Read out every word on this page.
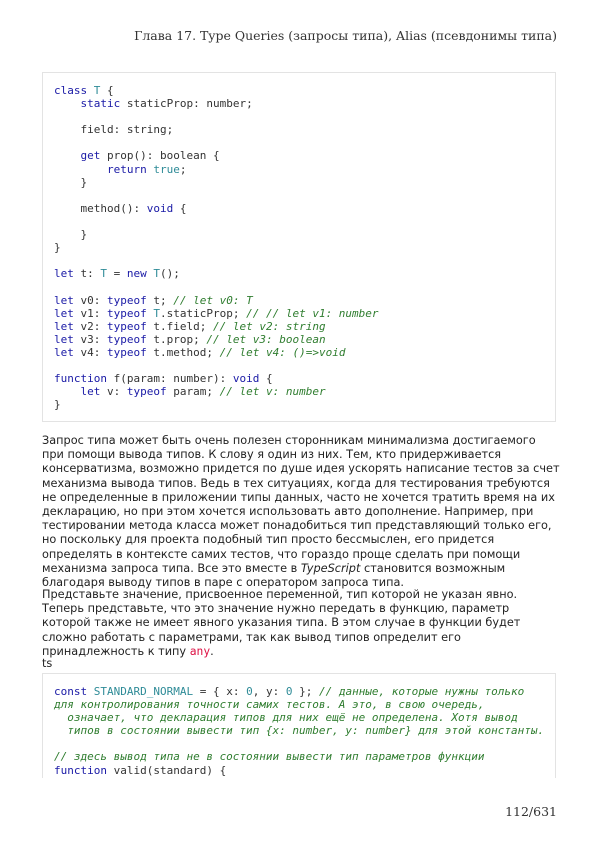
Глава 17. Type Queries (запросы типа), Alias (псевдонимы типа)
class T {
static staticProp: number;

field: string;

get prop(): boolean {
return true;
}

method(): void {

}
}

let t: T = new T();

let v0: typeof t; // let v0: T
let v1: typeof T.staticProp; // // let v1: number
let v2: typeof t.field; // let v2: string
let v3: typeof t.prop; // let v3: boolean
let v4: typeof t.method; // let v4: ()=>void

function f(param: number): void {
let v: typeof param; // let v: number
}

Запрос типа может быть очень полезен сторонникам минимализма достигаемого при помощи вывода типов. К слову я один из них. Тем, кто придерживается консерватизма, возможно придется по душе идея ускорять написание тестов за счет механизма вывода типов. Ведь в тех ситуациях, когда для тестирования требуются не определенные в приложении типы данных, часто не хочется тратить время на их декларацию, но при этом хочется использовать авто дополнение. Например, при тестировании метода класса может понадобиться тип представляющий только его, но поскольку для проекта подобный тип просто бессмыслен, его придется определять в контексте самих тестов, что гораздо проще сделать при помощи механизма запроса типа. Все это вместе в TypeScript становится возможным благодаря выводу типов в паре с оператором запроса типа.

Представьте значение, присвоенное переменной, тип которой не указан явно. Теперь представьте, что это значение нужно передать в функцию, параметр которой также не имеет явного указания типа. В этом случае в функции будет сложно работать с параметрами, так как вывод типов определит его принадлежность к типу any.

ts
const STANDARD_NORMAL = { x: 0, y: 0 }; // данные, которые нужны только
для контролирования точности самих тестов. А это, в свою очередь,
означает, что декларация типов для них ещё не определена. Хотя вывод
типов в состоянии вывести тип {x: number, y: number} для этой константы.

// здесь вывод типа не в состоянии вывести тип параметров функции
function valid(standard) {
112/631
